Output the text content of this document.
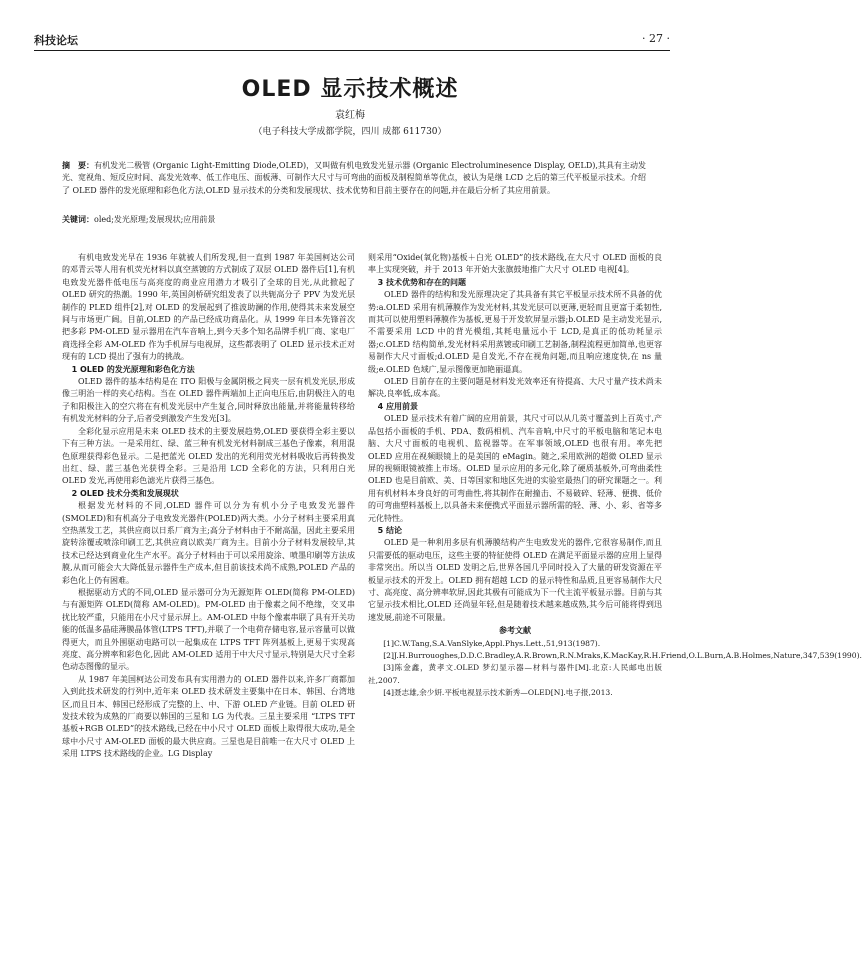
科技论坛	· 27 ·
OLED 显示技术概述
袁红梅
（电子科技大学成都学院，四川 成都 611730）
摘　要：有机发光二极管 (Organic Light-Emitting Diode,OLED)，又叫做有机电致发光显示器 (Organic Electroluminesence Display, OELD),其具有主动发光、宽视角、短反应时间、高发光效率、低工作电压、面板薄、可制作大尺寸与可弯曲的面板及制程简单等优点，被认为是继 LCD 之后的第三代平板显示技术。介绍了 OLED 器件的发光原理和彩色化方法,OLED 显示技术的分类和发展现状、技术优势和目前主要存在的问题,并在最后分析了其应用前景。
关键词：oled;发光原理;发展现状;应用前景

有机电致发光早在 1936 年就被人们所发现,但一直到 1987 年美国柯达公司的邓青云等人用有机荧光材料以真空蒸镀的方式制成了双层 OLED 器件后[1],有机电致发光器件低电压与高亮度的商业应用潜力才吸引了全球的目光,从此掀起了 OLED 研究的热潮。1990 年,英国剑桥研究组发表了以共轭高分子 PPV 为发光层制作的 PLED 组件[2],对 OLED 的发展起到了推波助澜的作用,使得其未来发展空间与市场更广阔。目前,OLED 的产品已经成功商品化。从 1999 年日本先锋首次把多彩 PM-OLED 显示器用在汽车音响上,到今天多个知名品牌手机厂商、家电厂商选择全彩 AM-OLED 作为手机屏与电视屏，这些都表明了 OLED 显示技术正对现有的 LCD 提出了强有力的挑战。

1 OLED 的发光原理和彩色化方法

OLED 器件的基本结构是在 ITO 阳极与金属阴极之间夹一层有机发光层,形成像三明治一样的夹心结构。当在 OLED 器件两端加上正向电压后,由阴极注入的电子和阳极注入的空穴将在有机发光层中产生复合,同时释放出能量,并将能量转移给有机发光材料的分子,后者受到激发产生发光[3]。

全彩化显示应用是未来 OLED 技术的主要发展趋势,OLED 要获得全彩主要以下有三种方法。一是采用红、绿、蓝三种有机发光材料制成三基色子像素，利用混色原理获得彩色显示。二是把蓝光 OLED 发出的光利用荧光材料吸收后再转换发出红、绿、蓝三基色光获得全彩。三是沿用 LCD 全彩化的方法，只利用白光 OLED 发光,再使用彩色滤光片获得三基色。

2 OLED 技术分类和发展现状

根据发光材料的不同,OLED 器件可以分为有机小分子电致发光器件(SMOLED)和有机高分子电致发光器件(POLED)两大类。小分子材料主要采用真空热蒸发工艺，其供应商以日系厂商为主;高分子材料由于不耐高温，因此主要采用旋转涂覆或喷涂印刷工艺,其供应商以欧美厂商为主。目前小分子材料发展较早,其技术已经达到商业化生产水平。高分子材料由于可以采用旋涂、喷墨印刷等方法成膜,从而可能会大大降低显示器件生产成本,但目前该技术尚不成熟,POLED 产品的彩色化上仍有困难。

根据驱动方式的不同,OLED 显示器可分为无源矩阵 OLED(简称 PM-OLED)与有源矩阵 OLED(简称 AM-OLED)。PM-OLED 由于像素之间不绝缘，交叉串扰比较严重，只能用在小尺寸显示屏上。AM-OLED 中每个像素串联了具有开关功能的低温多晶硅薄膜晶体管(LTPS TFT),并联了一个电荷存储电容,显示容量可以做得更大，而且外围驱动电路可以一起集成在 LTPS TFT 阵列基板上,更易于实现高亮度、高分辨率和彩色化,因此 AM-OLED 适用于中大尺寸显示,特别是大尺寸全彩色动态图像的显示。

从 1987 年美国柯达公司发布具有实用潜力的 OLED 器件以来,许多厂商都加入到此技术研发的行列中,近年来 OLED 技术研发主要集中在日本、韩国、台湾地区,而且日本、韩国已经形成了完整的上、中、下游 OLED 产业链。目前 OLED 研发技术较为成熟的厂商要以韩国的三星和 LG 为代表。三星主要采用 “LTPS TFT 基板+RGB OLED”的技术路线,已经在中小尺寸 OLED 面板上取得很大成功,是全球中小尺寸 AM-OLED 面板的最大供应商。三星也是目前唯一在大尺寸 OLED 上采用 LTPS 技术路线的企业。LG Display

则采用“Oxide(氧化物)基板＋白光 OLED”的技术路线,在大尺寸 OLED 面板的良率上实现突破，并于 2013 年开始大张旗鼓地推广大尺寸 OLED 电视[4]。

3 技术优势和存在的问题

OLED 器件的结构和发光原理决定了其具备有其它平板显示技术所不具备的优势:a.OLED 采用有机薄膜作为发光材料,其发光层可以更薄,更轻而且更富于柔韧性,而其可以使用塑料薄膜作为基板,更易于开发软屏显示器;b.OLED 是主动发光显示,不需要采用 LCD 中的背光模组,其耗电量远小于 LCD,是真正的低功耗显示器;c.OLED 结构简单,发光材料采用蒸镀或印刷工艺制备,制程流程更加简单,也更容易制作大尺寸面板;d.OLED 是自发光,不存在视角问题,而且响应速度快,在 ns 量级;e.OLED 色域广,显示图像更加艳丽逼真。

OLED 目前存在的主要问题是材料发光效率还有待提高、大尺寸量产技术尚未解决,良率低,成本高。

4 应用前景

OLED 显示技术有着广阔的应用前景，其尺寸可以从几英寸覆盖到上百英寸,产品包括小面板的手机、PDA、数码相机、汽车音响,中尺寸的平板电脑和笔记本电脑、大尺寸面板的电视机、监视器等。在军事领域,OLED 也很有用。率先把 OLED 应用在视频眼镜上的是美国的 eMagin。随之,采用欧洲的超微 OLED 显示屏的视频眼镜被推上市场。OLED 显示应用的多元化,除了硬质基板外,可弯曲柔性 OLED 也是目前欧、美、日等国家和地区先进的实验室最热门的研究课题之一。利用有机材料本身良好的可弯曲性,将其制作在耐撞击、不易破碎、轻薄、便携、低价的可弯曲塑料基板上,以具备未来便携式平面显示器所需的轻、薄、小、彩、省等多元化特性。

5 结论

OLED 是一种利用多层有机薄膜结构产生电致发光的器件,它很容易制作,而且只需要低的驱动电压，这些主要的特征使得 OLED 在满足平面显示器的应用上显得非常突出。所以当 OLED 发明之后,世界各国几乎同时投入了大量的研发资源在平板显示技术的开发上。OLED 拥有超越 LCD 的显示特性和品质,且更容易制作大尺寸、高亮度、高分辨率软屏,因此其极有可能成为下一代主流平板显示器。目前与其它显示技术相比,OLED 还尚显年轻,但是随着技术越来越成熟,其今后可能将得到迅速发展,前途不可限量。

参考文献

[1]C.W.Tang,S.A.VanSlyke,Appl.Phys.Lett.,51,913(1987).

[2]J.H.Burrouoghes,D.D.C.Bradley,A.R.Brown,R.N.Mraks,K.MacKay,R.H.Friend,O.L.Burn,A.B.Holmes,Nature,347,539(1990).

[3]陈金鑫，黄孝文.OLED 梦幻显示器—材料与器件[M].北京:人民邮电出版社,2007.

[4]聂志雄,余少妍.平板电视显示技术新秀—OLED[N].电子报,2013.
